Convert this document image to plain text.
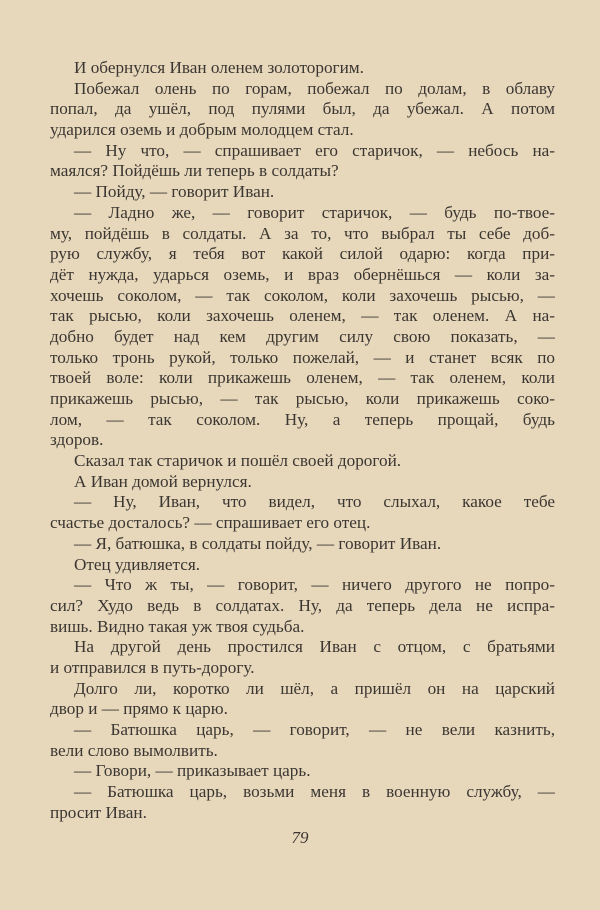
И обернулся Иван оленем золоторогим.
Побежал олень по горам, побежал по долам, в облаву
попал, да ушёл, под пулями был, да убежал. А потом
ударился оземь и добрым молодцем стал.
— Ну что, — спрашивает его старичок, — небось на-
маялся? Пойдёшь ли теперь в солдаты?
— Пойду, — говорит Иван.
— Ладно же, — говорит старичок, — будь по-твое-
му, пойдёшь в солдаты. А за то, что выбрал ты себе доб-
рую службу, я тебя вот какой силой одарю: когда при-
дёт нужда, ударься оземь, и враз обернёшься — коли за-
хочешь соколом, — так соколом, коли захочешь рысью, —
так рысью, коли захочешь оленем, — так оленем. А на-
добно будет над кем другим силу свою показать, —
только тронь рукой, только пожелай, — и станет всяк по
твоей воле: коли прикажешь оленем, — так оленем, коли
прикажешь рысью, — так рысью, коли прикажешь соко-
лом, — так соколом. Ну, а теперь прощай, будь
здоров.
Сказал так старичок и пошёл своей дорогой.
А Иван домой вернулся.
— Ну, Иван, что видел, что слыхал, какое тебе
счастье досталось? — спрашивает его отец.
— Я, батюшка, в солдаты пойду, — говорит Иван.
Отец удивляется.
— Что ж ты, — говорит, — ничего другого не попро-
сил? Худо ведь в солдатах. Ну, да теперь дела не испра-
вишь. Видно такая уж твоя судьба.
На другой день простился Иван с отцом, с братьями
и отправился в путь-дорогу.
Долго ли, коротко ли шёл, а пришёл он на царский
двор и — прямо к царю.
— Батюшка царь, — говорит, — не вели казнить,
вели слово вымолвить.
— Говори, — приказывает царь.
— Батюшка царь, возьми меня в военную службу, —
просит Иван.
79
